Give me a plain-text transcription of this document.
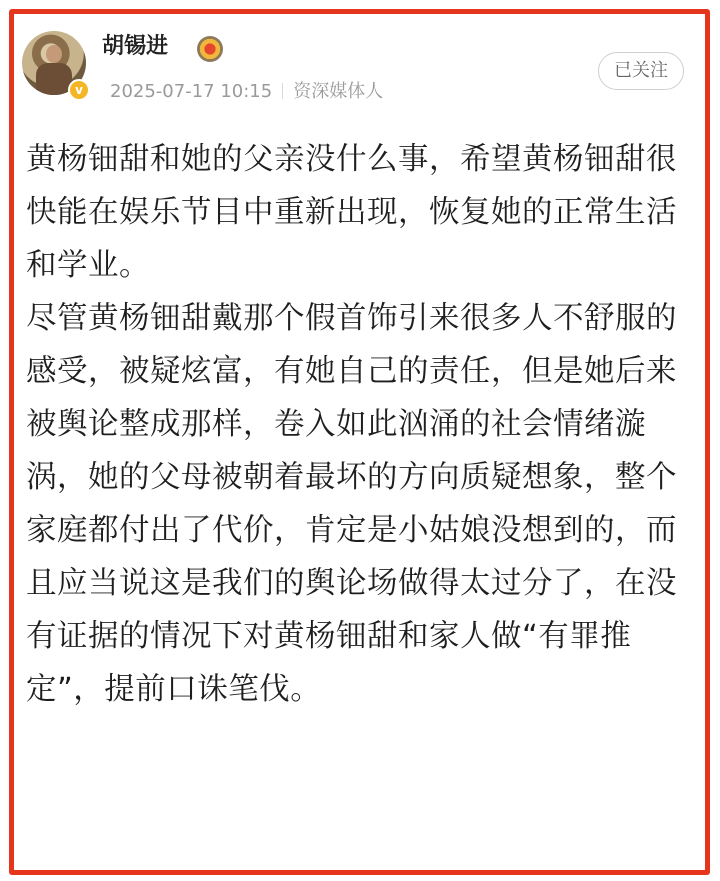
v
胡锡进
2025-07-17 10:15 资深媒体人
已关注

黄杨钿甜和她的父亲没什么事，希望黄杨钿甜很快能在娱乐节目中重新出现，恢复她的正常生活和学业。

尽管黄杨钿甜戴那个假首饰引来很多人不舒服的感受，被疑炫富，有她自己的责任，但是她后来被舆论整成那样，卷入如此汹涌的社会情绪漩涡，她的父母被朝着最坏的方向质疑想象，整个家庭都付出了代价，肯定是小姑娘没想到的，而且应当说这是我们的舆论场做得太过分了，在没有证据的情况下对黄杨钿甜和家人做“有罪推定”，提前口诛笔伐。
